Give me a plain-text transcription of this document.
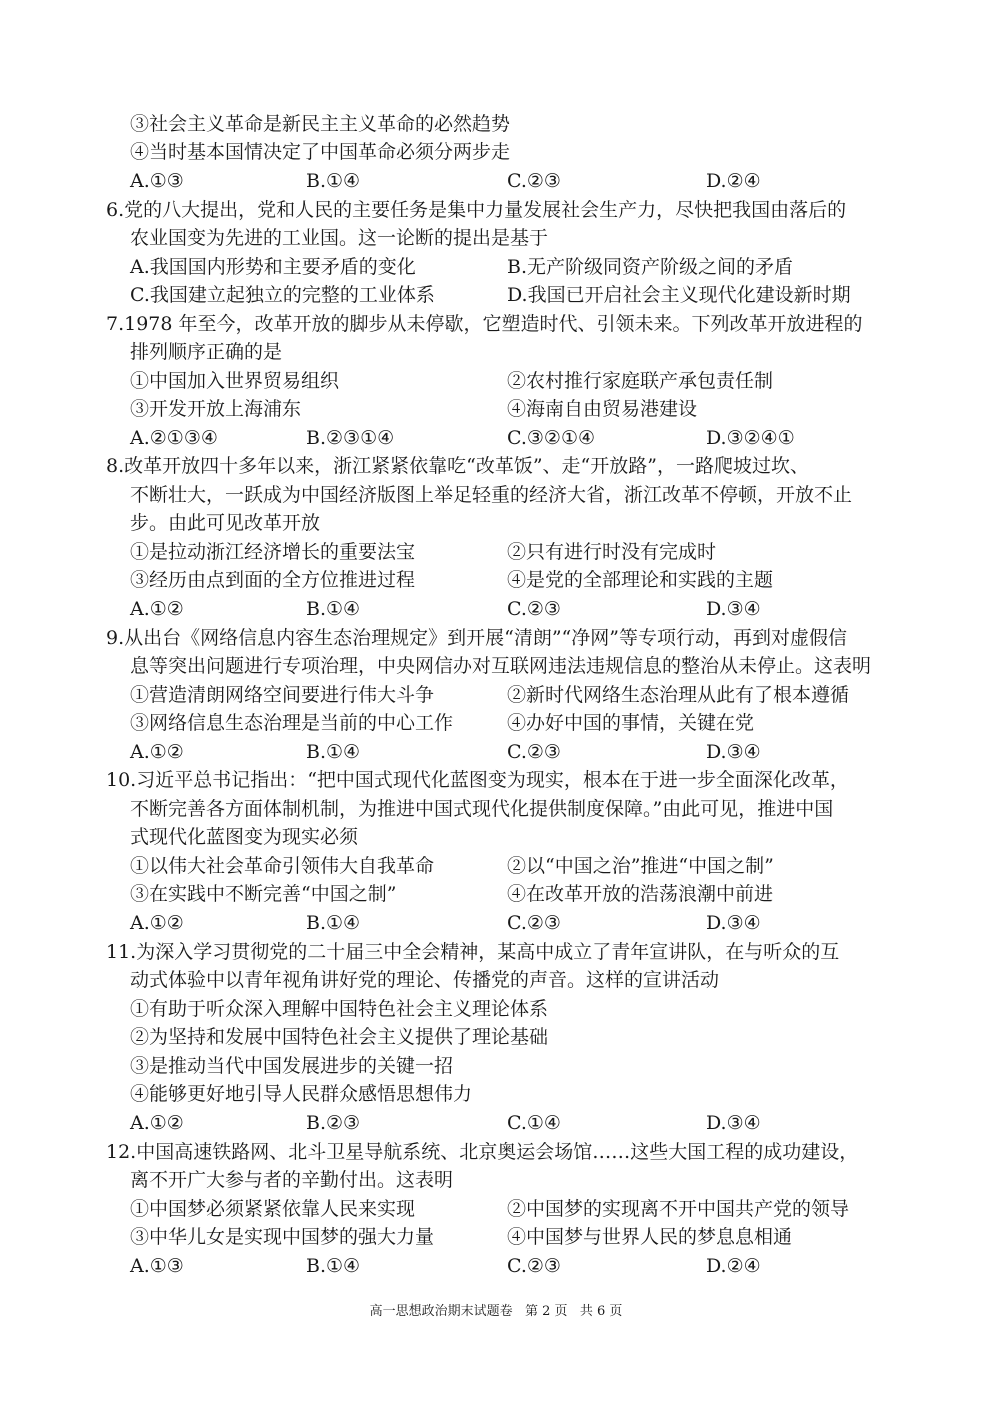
③社会主义革命是新民主主义革命的必然趋势
④当时基本国情决定了中国革命必须分两步走
A.①③	B.①④	C.②③	D.②④
6.党的八大提出，党和人民的主要任务是集中力量发展社会生产力，尽快把我国由落后的
农业国变为先进的工业国。这一论断的提出是基于
A.我国国内形势和主要矛盾的变化	B.无产阶级同资产阶级之间的矛盾
C.我国建立起独立的完整的工业体系	D.我国已开启社会主义现代化建设新时期
7.1978 年至今，改革开放的脚步从未停歇，它塑造时代、引领未来。下列改革开放进程的
排列顺序正确的是
①中国加入世界贸易组织	②农村推行家庭联产承包责任制
③开发开放上海浦东	④海南自由贸易港建设
A.②①③④	B.②③①④	C.③②①④	D.③②④①
8.改革开放四十多年以来，浙江紧紧依靠吃“改革饭”、走“开放路”，一路爬坡过坎、
不断壮大，一跃成为中国经济版图上举足轻重的经济大省，浙江改革不停顿，开放不止
步。由此可见改革开放
①是拉动浙江经济增长的重要法宝	②只有进行时没有完成时
③经历由点到面的全方位推进过程	④是党的全部理论和实践的主题
A.①②	B.①④	C.②③	D.③④
9.从出台《网络信息内容生态治理规定》到开展“清朗”“净网”等专项行动，再到对虚假信
息等突出问题进行专项治理，中央网信办对互联网违法违规信息的整治从未停止。这表明
①营造清朗网络空间要进行伟大斗争	②新时代网络生态治理从此有了根本遵循
③网络信息生态治理是当前的中心工作	④办好中国的事情，关键在党
A.①②	B.①④	C.②③	D.③④
10.习近平总书记指出：“把中国式现代化蓝图变为现实，根本在于进一步全面深化改革，
不断完善各方面体制机制，为推进中国式现代化提供制度保障。”由此可见，推进中国
式现代化蓝图变为现实必须
①以伟大社会革命引领伟大自我革命	②以“中国之治”推进“中国之制”
③在实践中不断完善“中国之制”	④在改革开放的浩荡浪潮中前进
A.①②	B.①④	C.②③	D.③④
11.为深入学习贯彻党的二十届三中全会精神，某高中成立了青年宣讲队，在与听众的互
动式体验中以青年视角讲好党的理论、传播党的声音。这样的宣讲活动
①有助于听众深入理解中国特色社会主义理论体系
②为坚持和发展中国特色社会主义提供了理论基础
③是推动当代中国发展进步的关键一招
④能够更好地引导人民群众感悟思想伟力
A.①②	B.②③	C.①④	D.③④
12.中国高速铁路网、北斗卫星导航系统、北京奥运会场馆……这些大国工程的成功建设，
离不开广大参与者的辛勤付出。这表明
①中国梦必须紧紧依靠人民来实现	②中国梦的实现离不开中国共产党的领导
③中华儿女是实现中国梦的强大力量	④中国梦与世界人民的梦息息相通
A.①③	B.①④	C.②③	D.②④
高一思想政治期末试题卷   第 2 页   共 6 页
